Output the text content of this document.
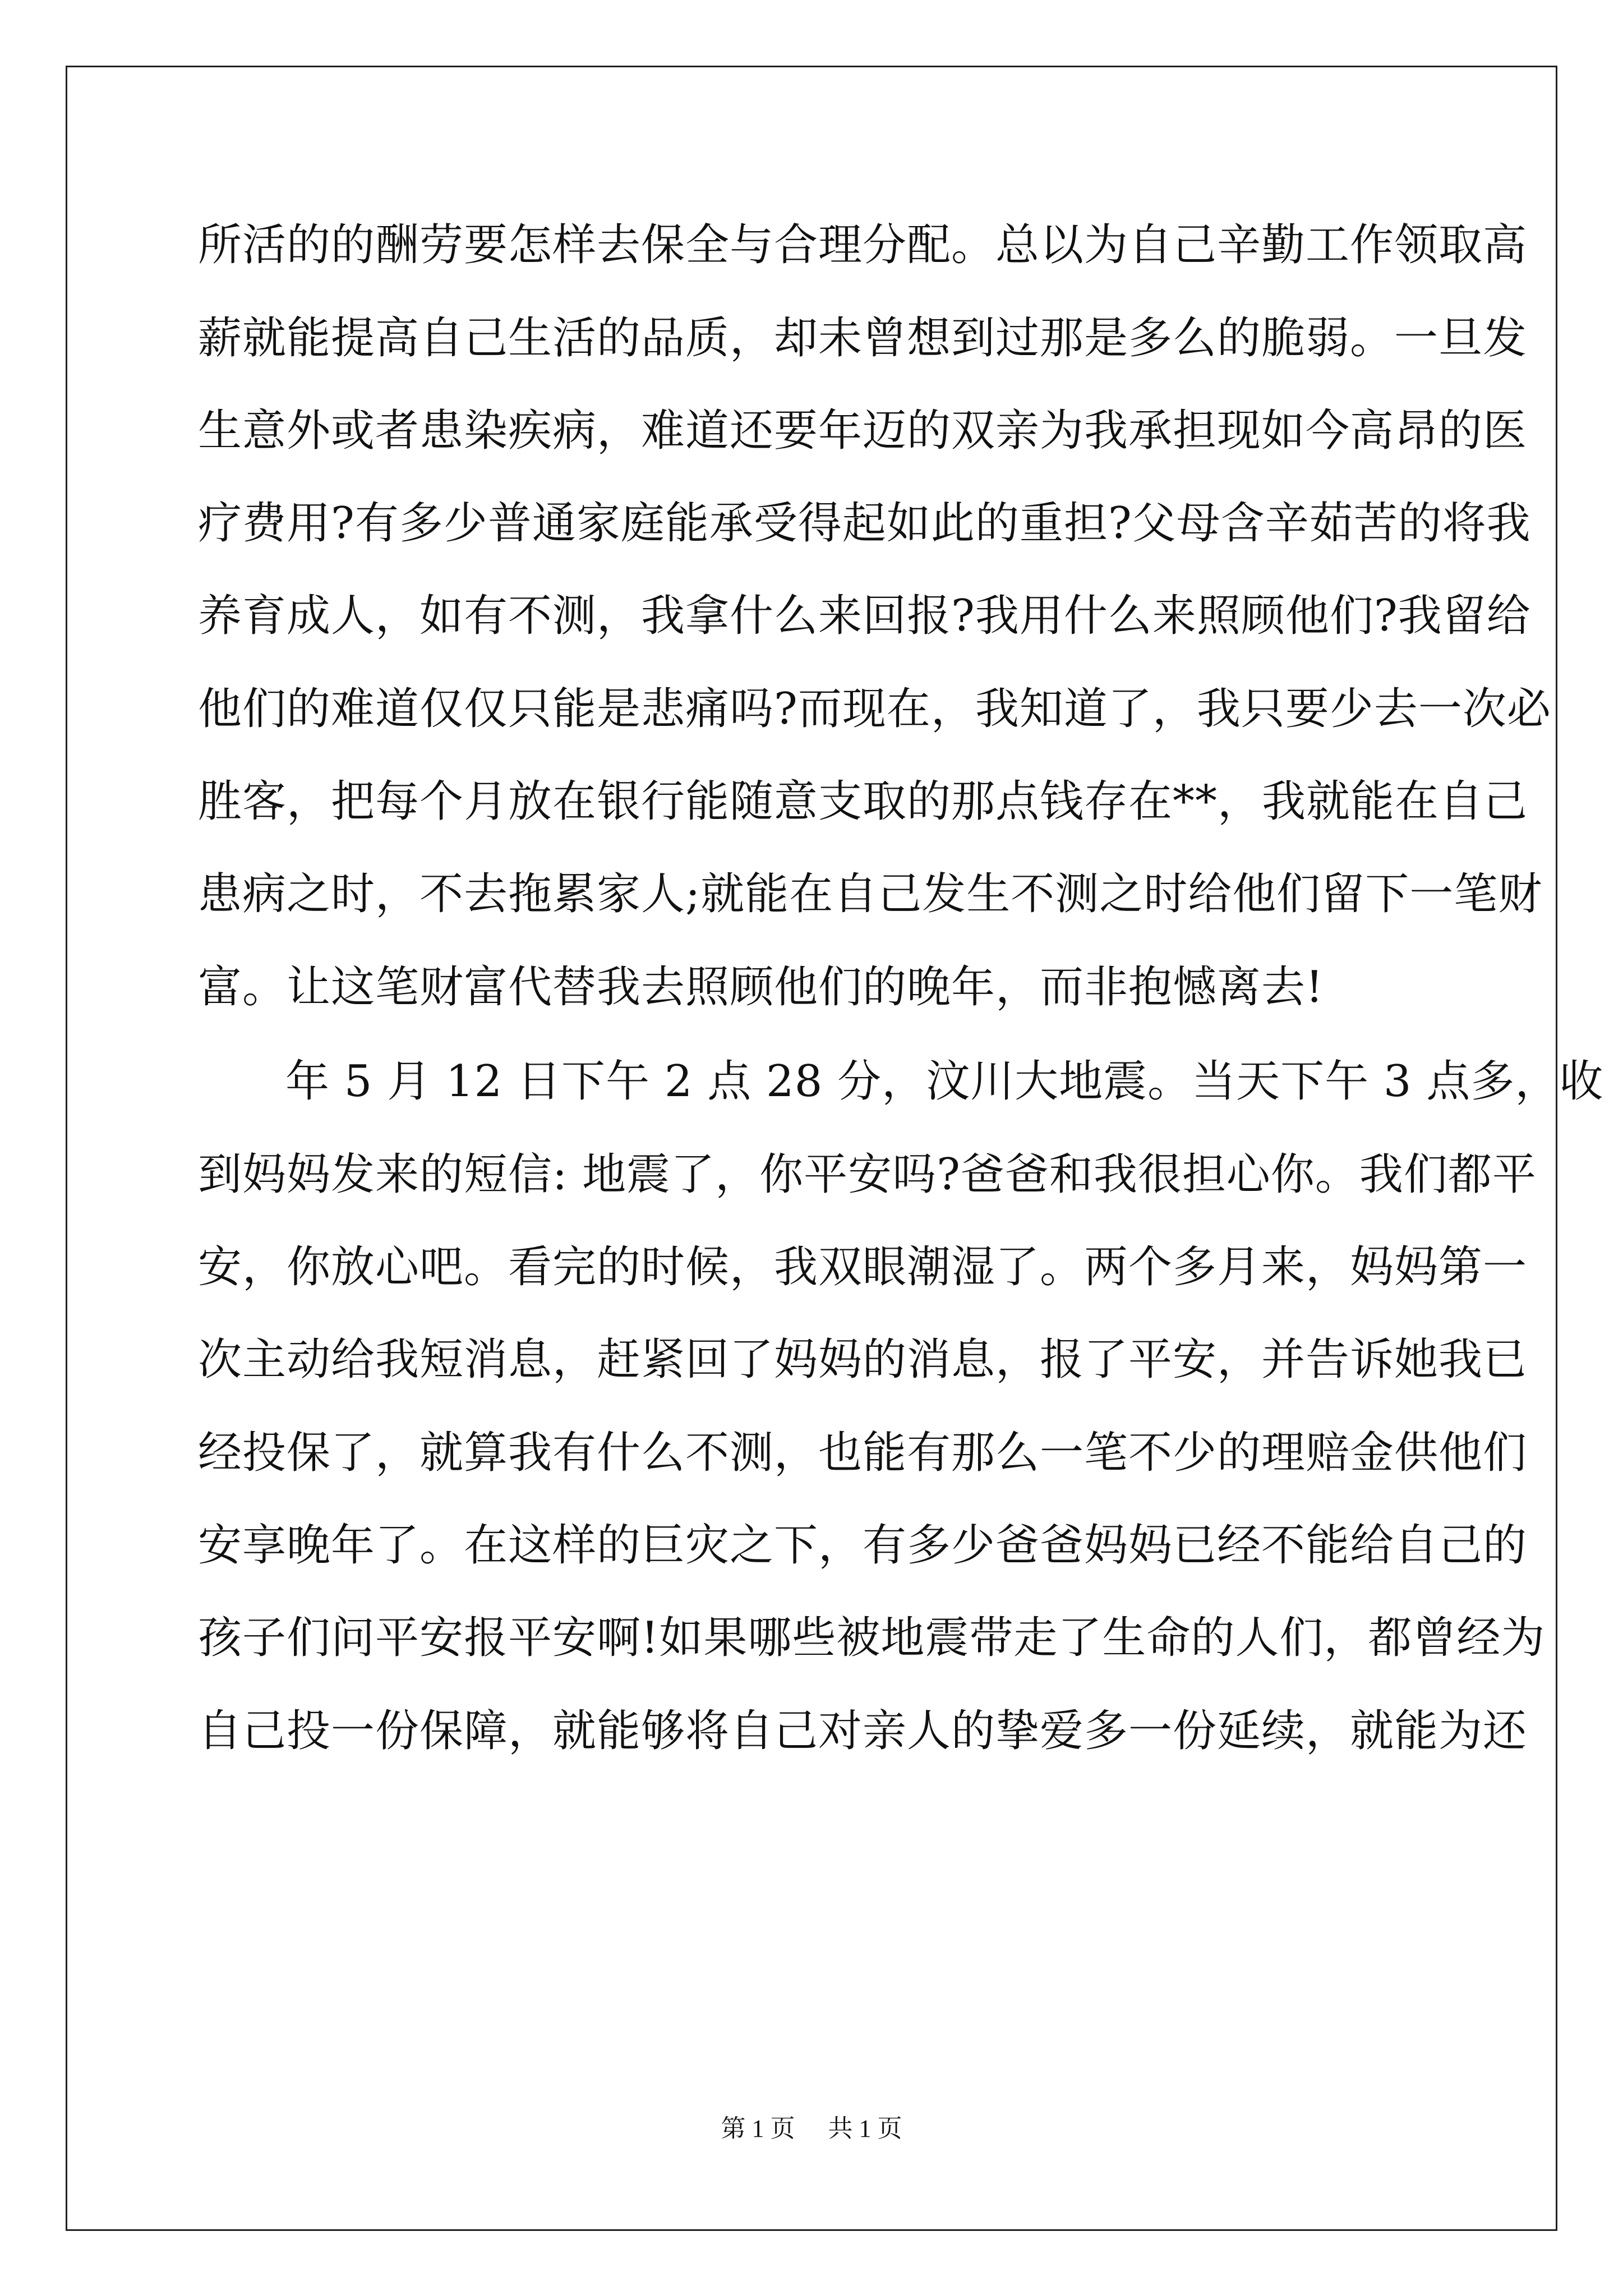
所活的的酬劳要怎样去保全与合理分配。总以为自己辛勤工作领取高
薪就能提高自己生活的品质，却未曾想到过那是多么的脆弱。一旦发
生意外或者患染疾病，难道还要年迈的双亲为我承担现如今高昂的医
疗费用?有多少普通家庭能承受得起如此的重担?父母含辛茹苦的将我
养育成人，如有不测，我拿什么来回报?我用什么来照顾他们?我留给
他们的难道仅仅只能是悲痛吗?而现在，我知道了，我只要少去一次必
胜客，把每个月放在银行能随意支取的那点钱存在**，我就能在自己
患病之时，不去拖累家人;就能在自己发生不测之时给他们留下一笔财
富。让这笔财富代替我去照顾他们的晚年，而非抱憾离去!
年 5 月 12 日下午 2 点 28 分，汶川大地震。当天下午 3 点多，收
到妈妈发来的短信: 地震了，你平安吗?爸爸和我很担心你。我们都平
安，你放心吧。看完的时候，我双眼潮湿了。两个多月来，妈妈第一
次主动给我短消息，赶紧回了妈妈的消息，报了平安，并告诉她我已
经投保了，就算我有什么不测，也能有那么一笔不少的理赔金供他们
安享晚年了。在这样的巨灾之下，有多少爸爸妈妈已经不能给自己的
孩子们问平安报平安啊!如果哪些被地震带走了生命的人们，都曾经为
自己投一份保障，就能够将自己对亲人的挚爱多一份延续，就能为还
第 1 页 共 1 页
